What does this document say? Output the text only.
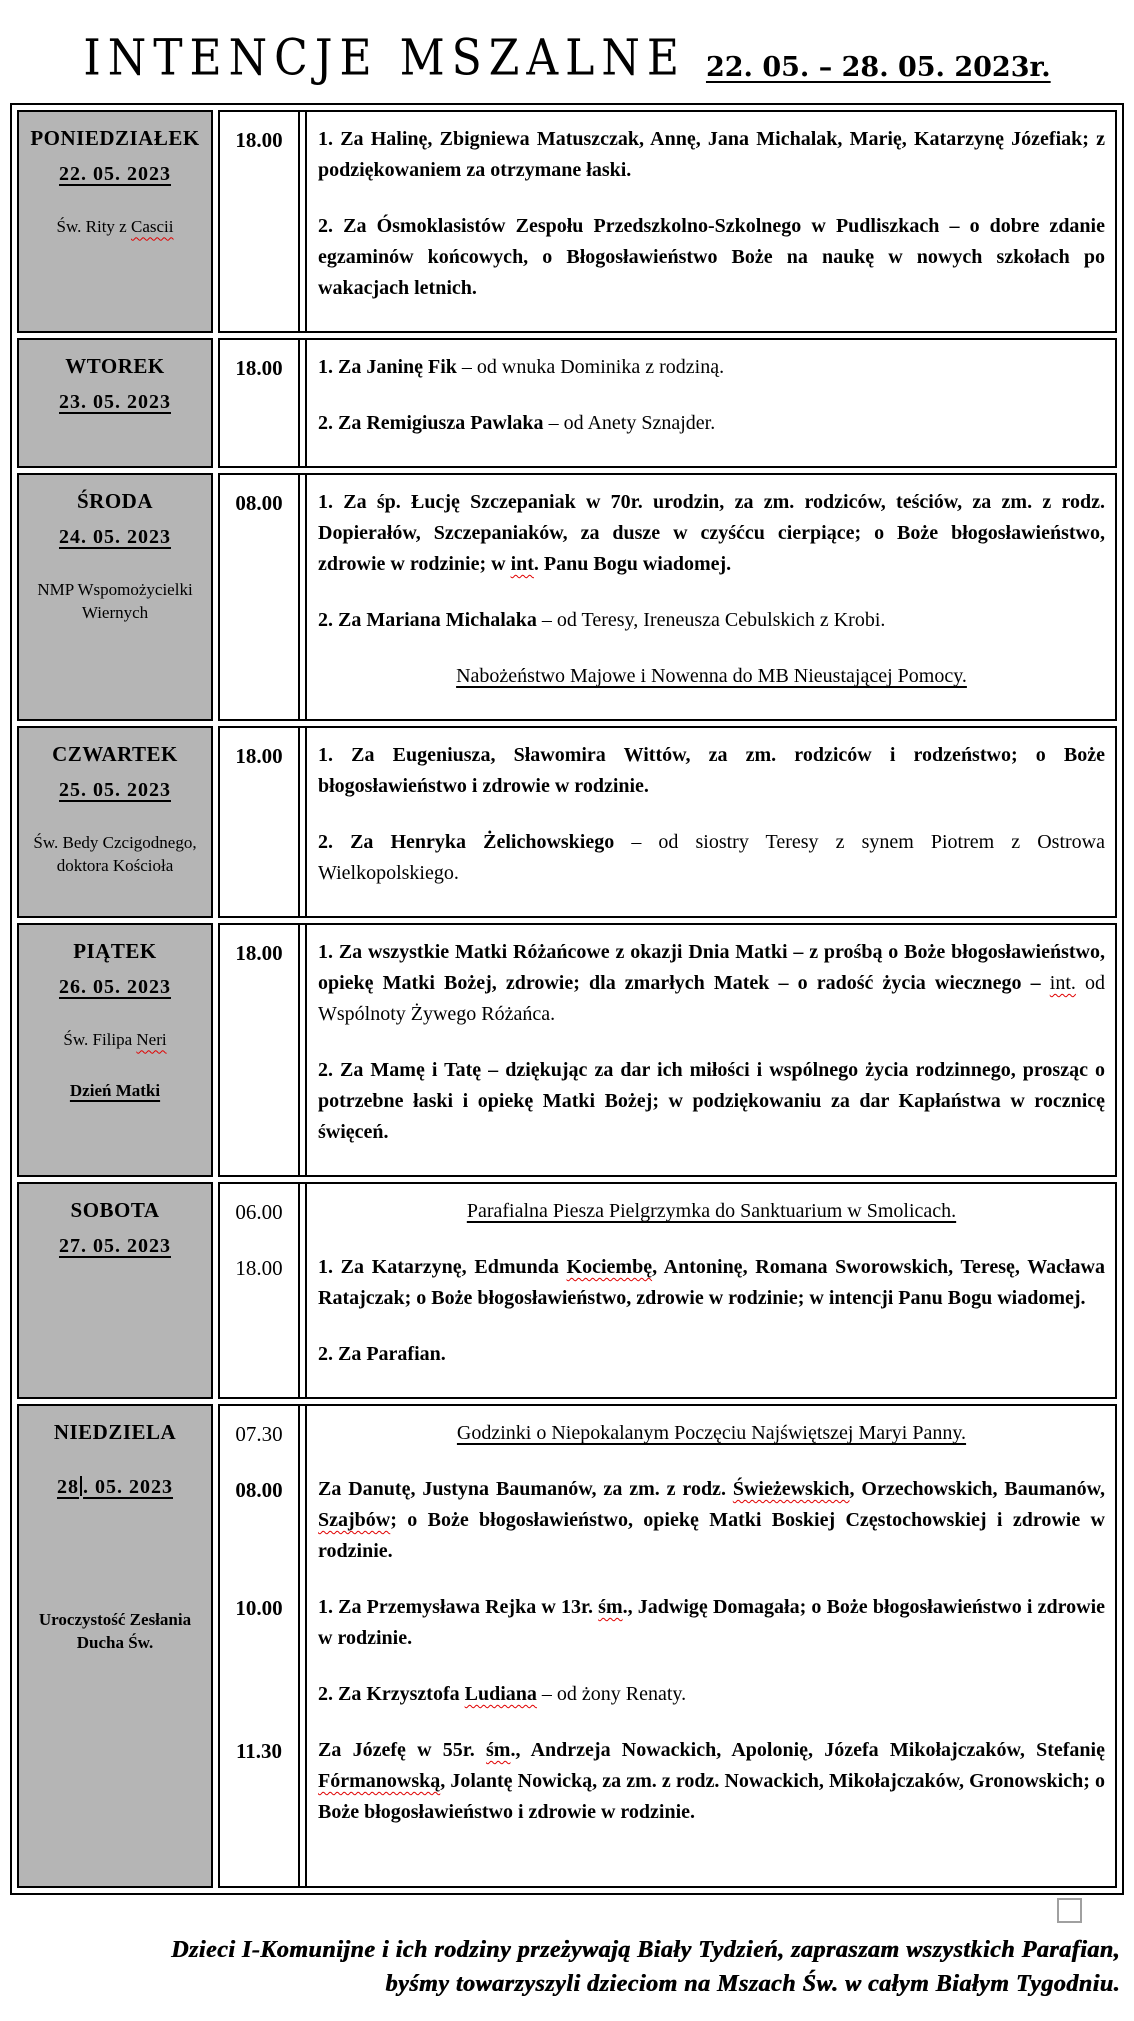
INTENCJE MSZALNE 22. 05. – 28. 05. 2023r.
PONIEDZIAŁEK
22. 05. 2023
Św. Rity z Cascii

18.00	1. Za Halinę, Zbigniewa Matuszczak, Annę, Jana Michalak, Marię, Katarzynę Józefiak; z podziękowaniem za otrzymane łaski.

2. Za Ósmoklasistów Zespołu Przedszkolno-Szkolnego w Pudliszkach – o dobre zdanie egzaminów końcowych, o Błogosławieństwo Boże na naukę w nowych szkołach po wakacjach letnich.

WTOREK
23. 05. 2023

18.00	1. Za Janinę Fik – od wnuka Dominika z rodziną.

2. Za Remigiusza Pawlaka – od Anety Sznajder.

ŚRODA
24. 05. 2023
NMP Wspomożycielki Wiernych

08.00	1. Za śp. Łucję Szczepaniak w 70r. urodzin, za zm. rodziców, teściów, za zm. z rodz. Dopierałów, Szczepaniaków, za dusze w czyśćcu cierpiące; o Boże błogosławieństwo, zdrowie w rodzinie; w int. Panu Bogu wiadomej.

2. Za Mariana Michalaka – od Teresy, Ireneusza Cebulskich z Krobi.

Nabożeństwo Majowe i Nowenna do MB Nieustającej Pomocy.

CZWARTEK
25. 05. 2023
Św. Bedy Czcigodnego, doktora Kościoła

18.00	1. Za Eugeniusza, Sławomira Wittów, za zm. rodziców i rodzeństwo; o Boże błogosławieństwo i zdrowie w rodzinie.

2. Za Henryka Żelichowskiego – od siostry Teresy z synem Piotrem z Ostrowa Wielkopolskiego.

PIĄTEK
26. 05. 2023
Św. Filipa Neri
Dzień Matki

18.00	1. Za wszystkie Matki Różańcowe z okazji Dnia Matki – z prośbą o Boże błogosławieństwo, opiekę Matki Bożej, zdrowie; dla zmarłych Matek – o radość życia wiecznego – int. od Wspólnoty Żywego Różańca.

2. Za Mamę i Tatę – dziękując za dar ich miłości i wspólnego życia rodzinnego, prosząc o potrzebne łaski i opiekę Matki Bożej; w podziękowaniu za dar Kapłaństwa w rocznicę święceń.

SOBOTA
27. 05. 2023

06.00	Parafialna Piesza Pielgrzymka do Sanktuarium w Smolicach.

18.00	1. Za Katarzynę, Edmunda Kociembę, Antoninę, Romana Sworowskich, Teresę, Wacława Ratajczak; o Boże błogosławieństwo, zdrowie w rodzinie; w intencji Panu Bogu wiadomej.

2. Za Parafian.

NIEDZIELA
28 . 05. 2023
Uroczystość Zesłania Ducha Św.

07.30	Godzinki o Niepokalanym Poczęciu Najświętszej Maryi Panny.

08.00	Za Danutę, Justyna Baumanów, za zm. z rodz. Świeżewskich, Orzechowskich, Baumanów, Szajbów; o Boże błogosławieństwo, opiekę Matki Boskiej Częstochowskiej i zdrowie w rodzinie.

10.00	1. Za Przemysława Rejka w 13r. śm., Jadwigę Domagała; o Boże błogosławieństwo i zdrowie w rodzinie.

2. Za Krzysztofa Ludiana – od żony Renaty.

11.30	Za Józefę w 55r. śm., Andrzeja Nowackich, Apolonię, Józefa Mikołajczaków, Stefanię Fórmanowską, Jolantę Nowicką, za zm. z rodz. Nowackich, Mikołajczaków, Gronowskich; o Boże błogosławieństwo i zdrowie w rodzinie.

Dzieci I-Komunijne i ich rodziny przeżywają Biały Tydzień, zapraszam wszystkich Parafian,
byśmy towarzyszyli dzieciom na Mszach Św. w całym Białym Tygodniu.
